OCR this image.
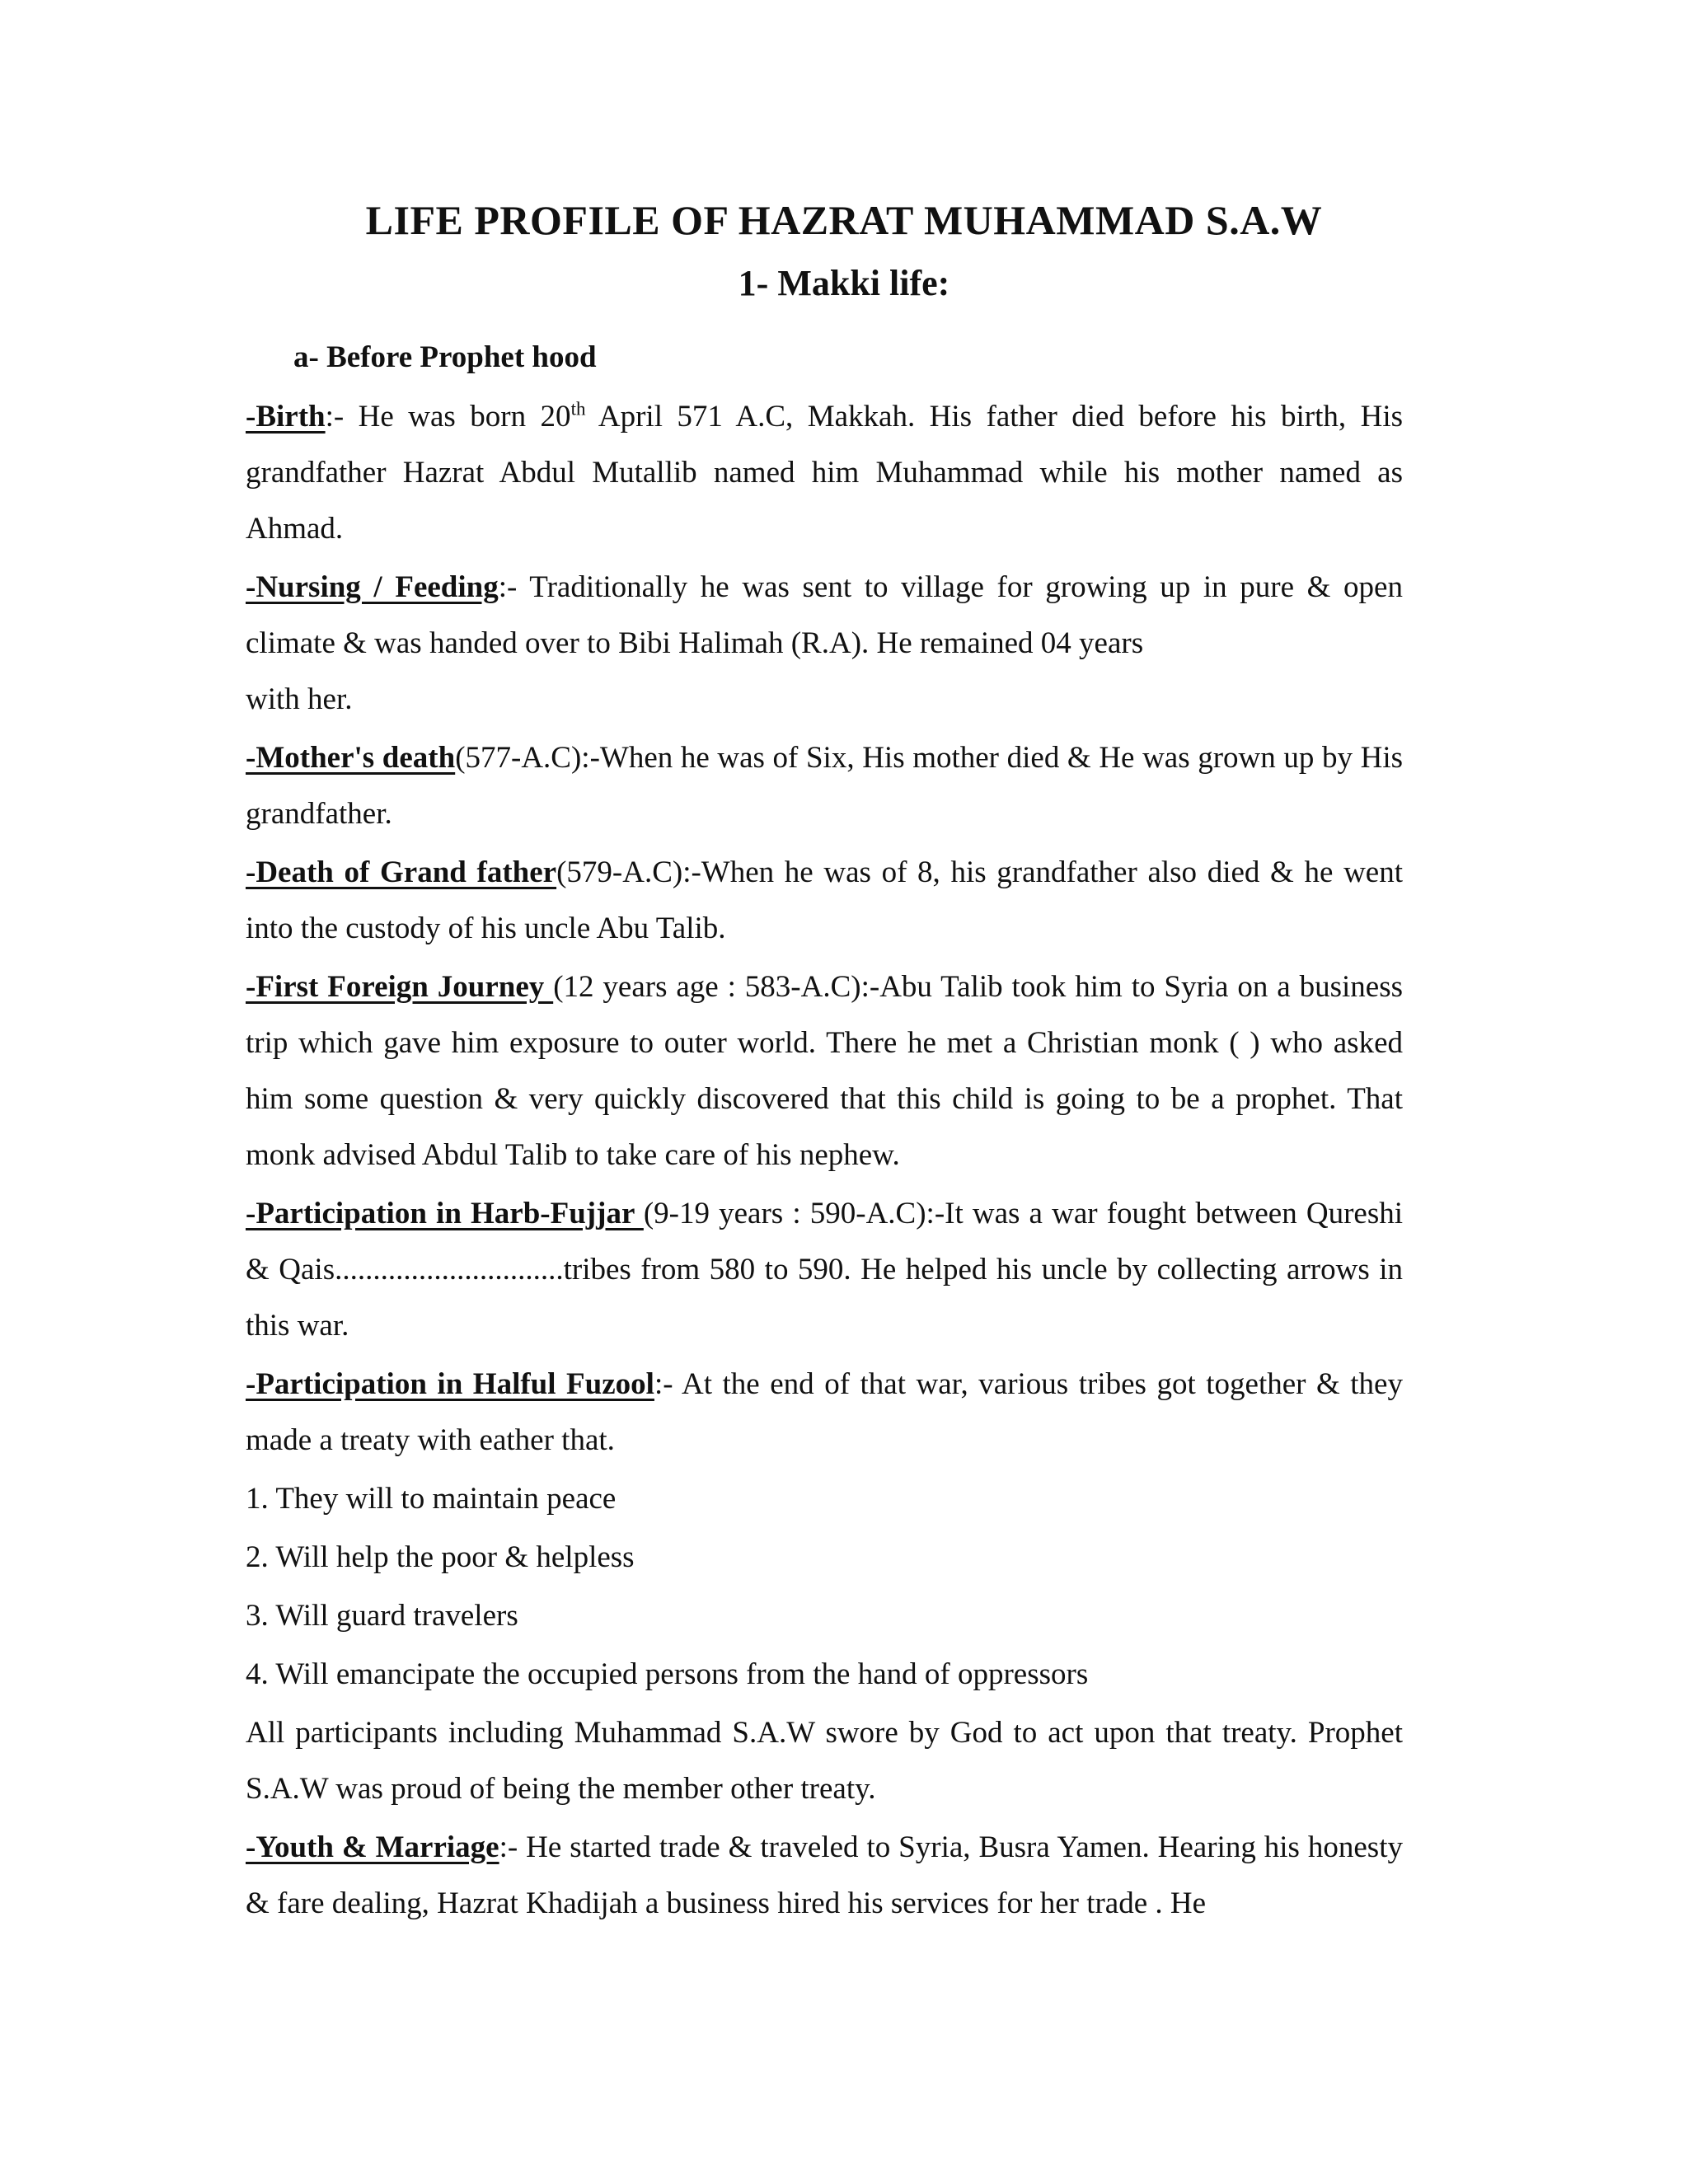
LIFE PROFILE OF HAZRAT MUHAMMAD S.A.W
1- Makki life:
a- Before Prophet hood

-Birth:- He was born 20th April 571 A.C, Makkah. His father died before his birth, His grandfather Hazrat Abdul Mutallib named him Muhammad while his mother named as Ahmad.

-Nursing / Feeding:- Traditionally he was sent to village for growing up in pure & open climate & was handed over to Bibi Halimah (R.A). He remained 04 years
with her.

-Mother's death(577-A.C):-When he was of Six, His mother died & He was grown up by His grandfather.

-Death of Grand father(579-A.C):-When he was of 8, his grandfather also died & he went into the custody of his uncle Abu Talib.

-First Foreign Journey (12 years age : 583-A.C):-Abu Talib took him to Syria on a business trip which gave him exposure to outer world. There he met a Christian monk ( ) who asked him some question & very quickly discovered that this child is going to be a prophet. That monk advised Abdul Talib to take care of his nephew.

-Participation in Harb-Fujjar (9-19 years : 590-A.C):-It was a war fought between Qureshi & Qais..............................tribes from 580 to 590. He helped his uncle by collecting arrows in this war.

-Participation in Halful Fuzool:- At the end of that war, various tribes got together & they made a treaty with eather that.

1. They will to maintain peace
2. Will help the poor & helpless
3. Will guard travelers
4. Will emancipate the occupied persons from the hand of oppressors

All participants including Muhammad S.A.W swore by God to act upon that treaty. Prophet S.A.W was proud of being the member other treaty.

-Youth & Marriage:- He started trade & traveled to Syria, Busra Yamen. Hearing his honesty & fare dealing, Hazrat Khadijah a business hired his services for her trade . He
